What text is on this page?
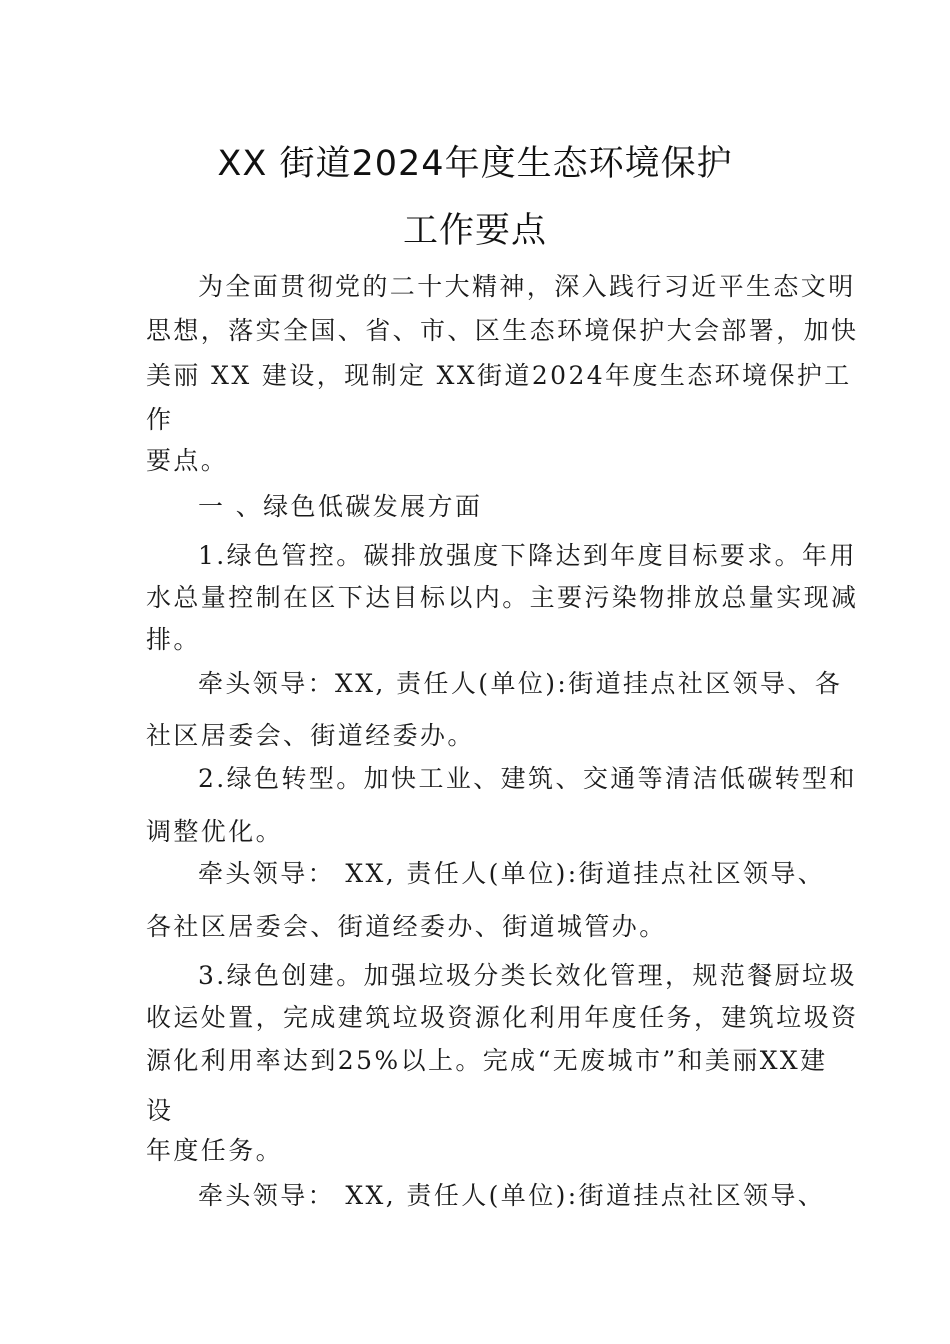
XX 街道2024年度生态环境保护
工作要点
为全面贯彻党的二十大精神，深入践行习近平生态文明
思想，落实全国、省、市、区生态环境保护大会部署，加快
美丽 XX 建设，现制定 XX街道2024年度生态环境保护工
作
要点。
一 、绿色低碳发展方面
1.绿色管控。碳排放强度下降达到年度目标要求。年用
水总量控制在区下达目标以内。主要污染物排放总量实现减
排。
牵头领导：XX, 责任人(单位):街道挂点社区领导、各
社区居委会、街道经委办。
2.绿色转型。加快工业、建筑、交通等清洁低碳转型和
调整优化。
牵头领导： XX, 责任人(单位):街道挂点社区领导、
各社区居委会、街道经委办、街道城管办。
3.绿色创建。加强垃圾分类长效化管理，规范餐厨垃圾
收运处置，完成建筑垃圾资源化利用年度任务，建筑垃圾资
源化利用率达到25%以上。完成“无废城市”和美丽XX建
设
年度任务。
牵头领导： XX, 责任人(单位):街道挂点社区领导、
